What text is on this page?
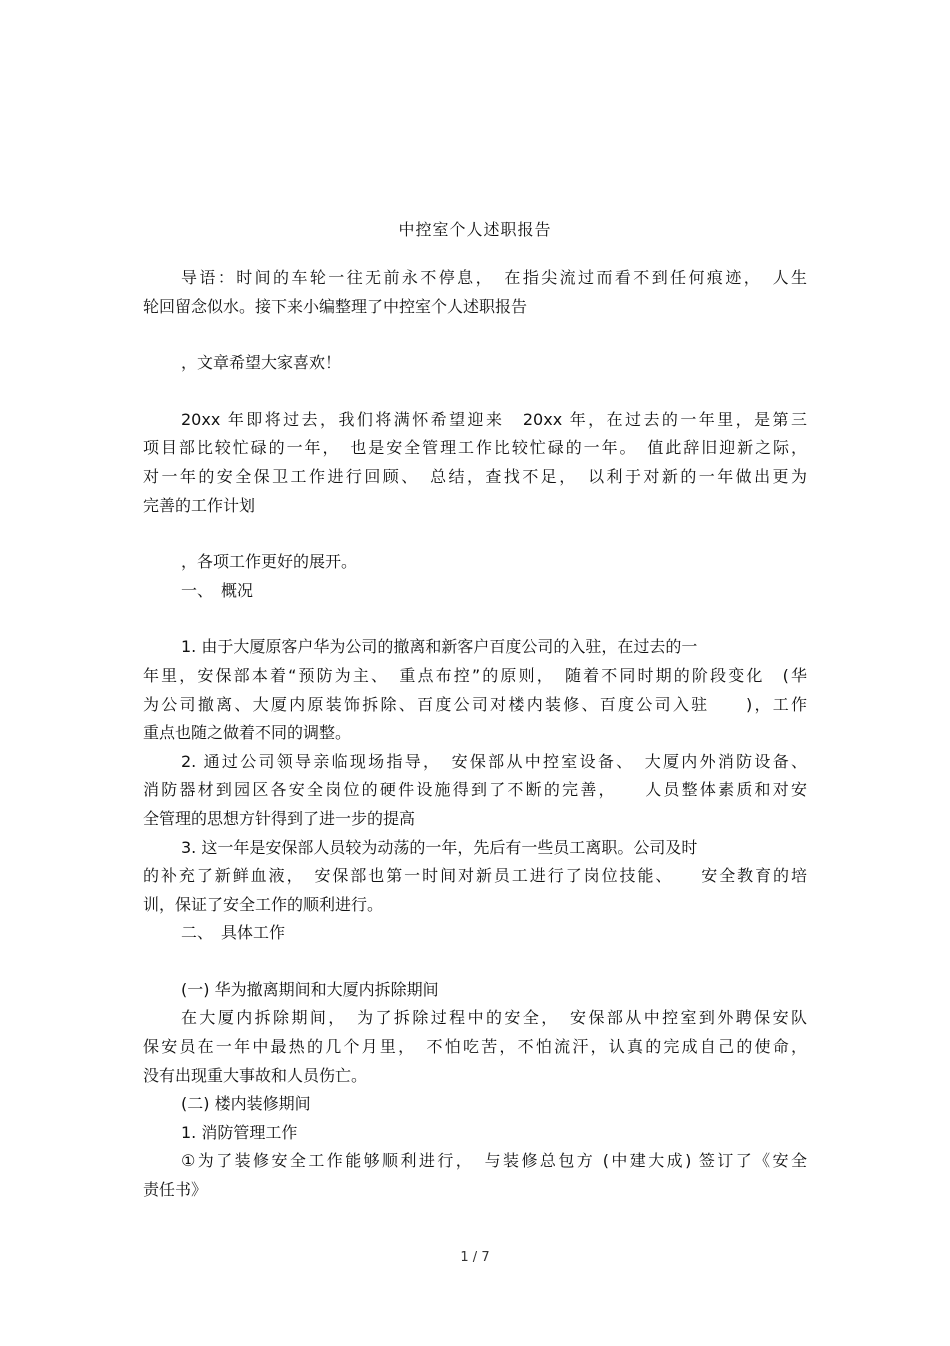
中控室个人述职报告
导语：时间的车轮一往无前永不停息，　在指尖流过而看不到任何痕迹，　人生
轮回留念似水。接下来小编整理了中控室个人述职报告
，文章希望大家喜欢！
20xx 年即将过去，我们将满怀希望迎来　20xx 年，在过去的一年里，是第三
项目部比较忙碌的一年，　也是安全管理工作比较忙碌的一年。　值此辞旧迎新之际，
对一年的安全保卫工作进行回顾、　总结，查找不足，　以利于对新的一年做出更为
完善的工作计划
，各项工作更好的展开。
一、　概况
1. 由于大厦原客户华为公司的撤离和新客户百度公司的入驻，在过去的一
年里，安保部本着“预防为主、　重点布控”的原则，　随着不同时期的阶段变化　(华
为公司撤离、大厦内原装饰拆除、百度公司对楼内装修、百度公司入驻　　)，工作
重点也随之做着不同的调整。
2. 通过公司领导亲临现场指导，　安保部从中控室设备、　大厦内外消防设备、
消防器材到园区各安全岗位的硬件设施得到了不断的完善，　　人员整体素质和对安
全管理的思想方针得到了进一步的提高
3. 这一年是安保部人员较为动荡的一年，先后有一些员工离职。公司及时
的补充了新鲜血液，　安保部也第一时间对新员工进行了岗位技能、　　安全教育的培
训，保证了安全工作的顺利进行。
二、　具体工作
(一) 华为撤离期间和大厦内拆除期间
在大厦内拆除期间，　为了拆除过程中的安全，　安保部从中控室到外聘保安队
保安员在一年中最热的几个月里，　不怕吃苦，不怕流汗，认真的完成自己的使命，
没有出现重大事故和人员伤亡。
(二) 楼内装修期间
1. 消防管理工作
①为了装修安全工作能够顺利进行，　与装修总包方 (中建大成) 签订了《安全
责任书》
1 / 7
